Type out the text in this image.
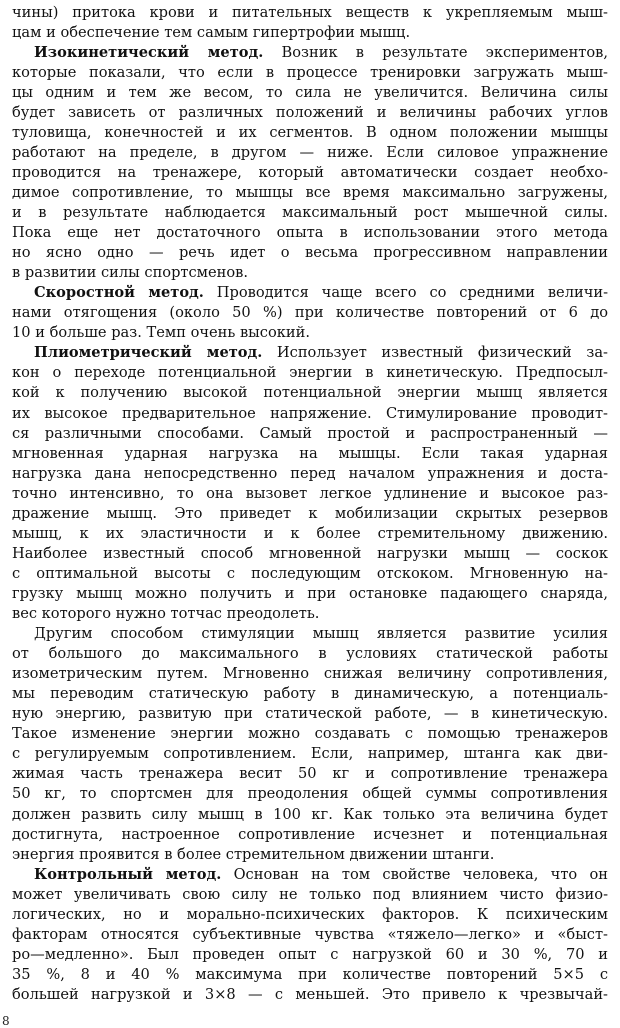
чины) притока крови и питательных веществ к укрепляемым мыш-
цам и обеспечение тем самым гипертрофии мышц.
Изокинетический метод. Возник в результате экспериментов,
которые показали, что если в процессе тренировки загружать мыш-
цы одним и тем же весом, то сила не увеличится. Величина силы
будет зависеть от различных положений и величины рабочих углов
туловища, конечностей и их сегментов. В одном положении мышцы
работают на пределе, в другом — ниже. Если силовое упражнение
проводится на тренажере, который автоматически создает необхо-
димое сопротивление, то мышцы все время максимально загружены,
и в результате наблюдается максимальный рост мышечной силы.
Пока еще нет достаточного опыта в использовании этого метода
но ясно одно — речь идет о весьма прогрессивном направлении
в развитии силы спортсменов.
Скоростной метод. Проводится чаще всего со средними величи-
нами отягощения (около 50 %) при количестве повторений от 6 до
10 и больше раз. Темп очень высокий.
Плиометрический метод. Использует известный физический за-
кон о переходе потенциальной энергии в кинетическую. Предпосыл-
кой к получению высокой потенциальной энергии мышц является
их высокое предварительное напряжение. Стимулирование проводит-
ся различными способами. Самый простой и распространенный —
мгновенная ударная нагрузка на мышцы. Если такая ударная
нагрузка дана непосредственно перед началом упражнения и доста-
точно интенсивно, то она вызовет легкое удлинение и высокое раз-
дражение мышц. Это приведет к мобилизации скрытых резервов
мышц, к их эластичности и к более стремительному движению.
Наиболее известный способ мгновенной нагрузки мышц — соскок
с оптимальной высоты с последующим отскоком. Мгновенную на-
грузку мышц можно получить и при остановке падающего снаряда,
вес которого нужно тотчас преодолеть.
Другим способом стимуляции мышц является развитие усилия
от большого до максимального в условиях статической работы
изометрическим путем. Мгновенно снижая величину сопротивления,
мы переводим статическую работу в динамическую, а потенциаль-
ную энергию, развитую при статической работе, — в кинетическую.
Такое изменение энергии можно создавать с помощью тренажеров
с регулируемым сопротивлением. Если, например, штанга как дви-
жимая часть тренажера весит 50 кг и сопротивление тренажера
50 кг, то спортсмен для преодоления общей суммы сопротивления
должен развить силу мышц в 100 кг. Как только эта величина будет
достигнута, настроенное сопротивление исчезнет и потенциальная
энергия проявится в более стремительном движении штанги.
Контрольный метод. Основан на том свойстве человека, что он
может увеличивать свою силу не только под влиянием чисто физио-
логических, но и морально-психических факторов. К психическим
факторам относятся субъективные чувства «тяжело—легко» и «быст-
ро—медленно». Был проведен опыт с нагрузкой 60 и 30 %, 70 и
35 %, 8 и 40 % максимума при количестве повторений 5×5 с
большей нагрузкой и 3×8 — с меньшей. Это привело к чрезвычай-
8
